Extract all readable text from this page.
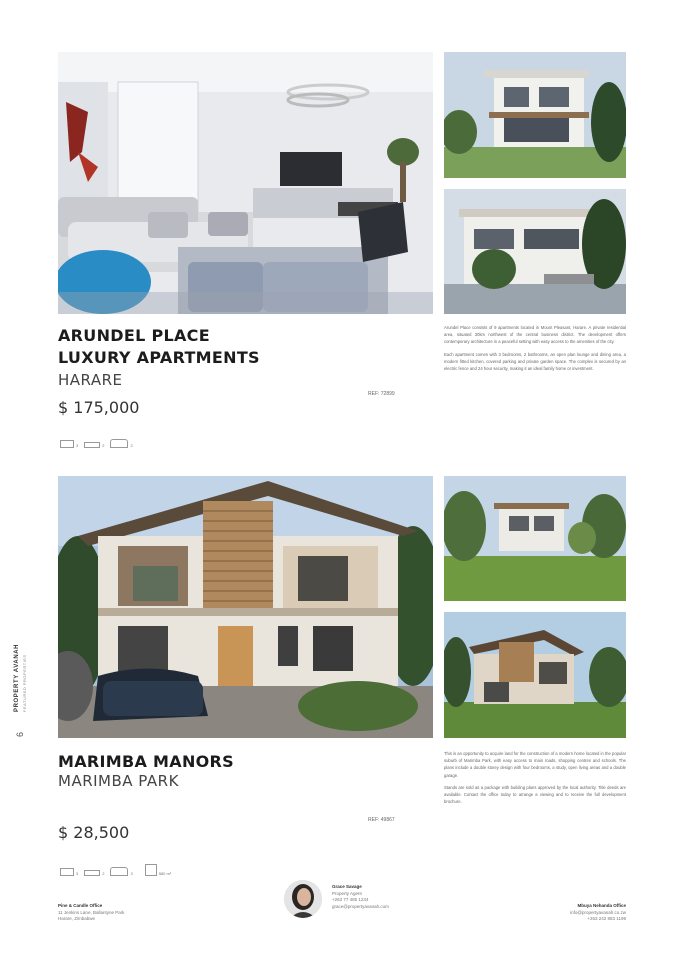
ARUNDEL PLACE
LUXURY APARTMENTS
HARARE
$ 175,000
REF: 72899
3	2	2

Arundel Place consists of 9 apartments located in Mount Pleasant, Harare. A private residential area, situated 30km northwest of the central business district. The development offers contemporary architecture in a peaceful setting with easy access to the amenities of the city.

Each apartment comes with 3 bedrooms, 2 bathrooms, an open plan lounge and dining area, a modern fitted kitchen, covered parking and private garden space. The complex is secured by an electric fence and 24 hour security, making it an ideal family home or investment.

MARIMBA MANORS
MARIMBA PARK
$ 28,500
REF: 49867
3	2	3	580 m²

This is an opportunity to acquire land for the construction of a modern home located in the popular suburb of Marimba Park, with easy access to main roads, shopping centres and schools. The plans include a double storey design with four bedrooms, a study, open living areas and a double garage.

Stands are sold as a package with building plans approved by the local authority. Title deeds are available. Contact the office today to arrange a viewing and to receive the full development brochure.

PROPERTY AVANAH FEATURED PROPERTIES
6
Pine & Candle Office
11 Jenkins Lane, Ballantyne Park
Harare, Zimbabwe
Grace Savage
Property Agent
+263 77 485 1234
grace@propertyavanah.com	Mbuya Nehanda Office
info@propertyavanah.co.zw
+263 242 883 1199
